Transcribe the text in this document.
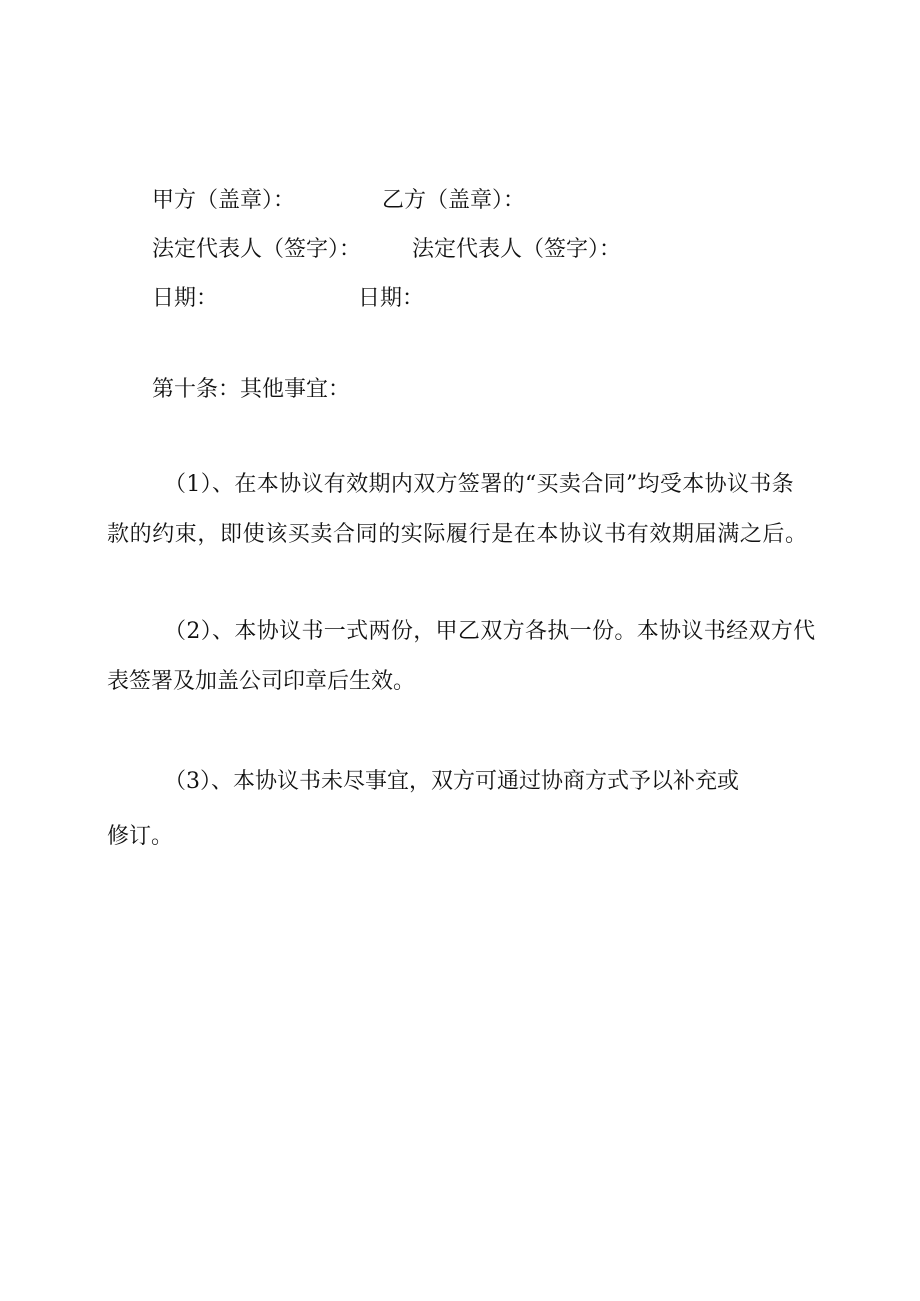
甲方（盖章）：	乙方（盖章）：
法定代表人（签字）： 法定代表人（签字）：
日期：	日期：
第十条：其他事宜：
（1）、在本协议有效期内双方签署的“买卖合同”均受本协议书条
款的约束，即使该买卖合同的实际履行是在本协议书有效期届满之后。
（2）、本协议书一式两份，甲乙双方各执一份。本协议书经双方代
表签署及加盖公司印章后生效。
（3）、本协议书未尽事宜，双方可通过协商方式予以补充或
修订。
